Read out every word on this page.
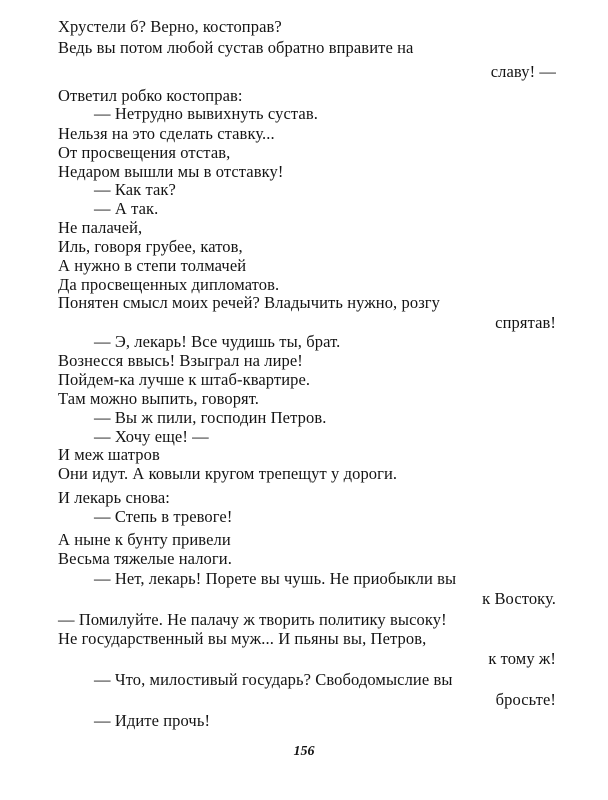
Хрустели б? Верно, костоправ?
Ведь вы потом любой сустав обратно вправите на
славу! —
Ответил робко костоправ:
— Нетрудно вывихнуть сустав.
Нельзя на это сделать ставку...
От просвещения отстав,
Недаром вышли мы в отставку!
— Как так?
— А так.
Не палачей,
Иль, говоря грубее, катов,
А нужно в степи толмачей
Да просвещенных дипломатов.
Понятен смысл моих речей? Владычить нужно, розгу
спрятав!
— Э, лекарь! Все чудишь ты, брат.
Вознесся ввысь! Взыграл на лире!
Пойдем-ка лучше к штаб-квартире.
Там можно выпить, говорят.
— Вы ж пили, господин Петров.
— Хочу еще! —
И меж шатров
Они идут. А ковыли кругом трепещут у дороги.
И лекарь снова:
— Степь в тревоге!
А ныне к бунту привели
Весьма тяжелые налоги.
— Нет, лекарь! Порете вы чушь. Не приобыкли вы
к Востоку.
— Помилуйте. Не палачу ж творить политику высоку!
Не государственный вы муж... И пьяны вы, Петров,
к тому ж!
— Что, милостивый государь? Свободомыслие вы
бросьте!
— Идите прочь!
156
